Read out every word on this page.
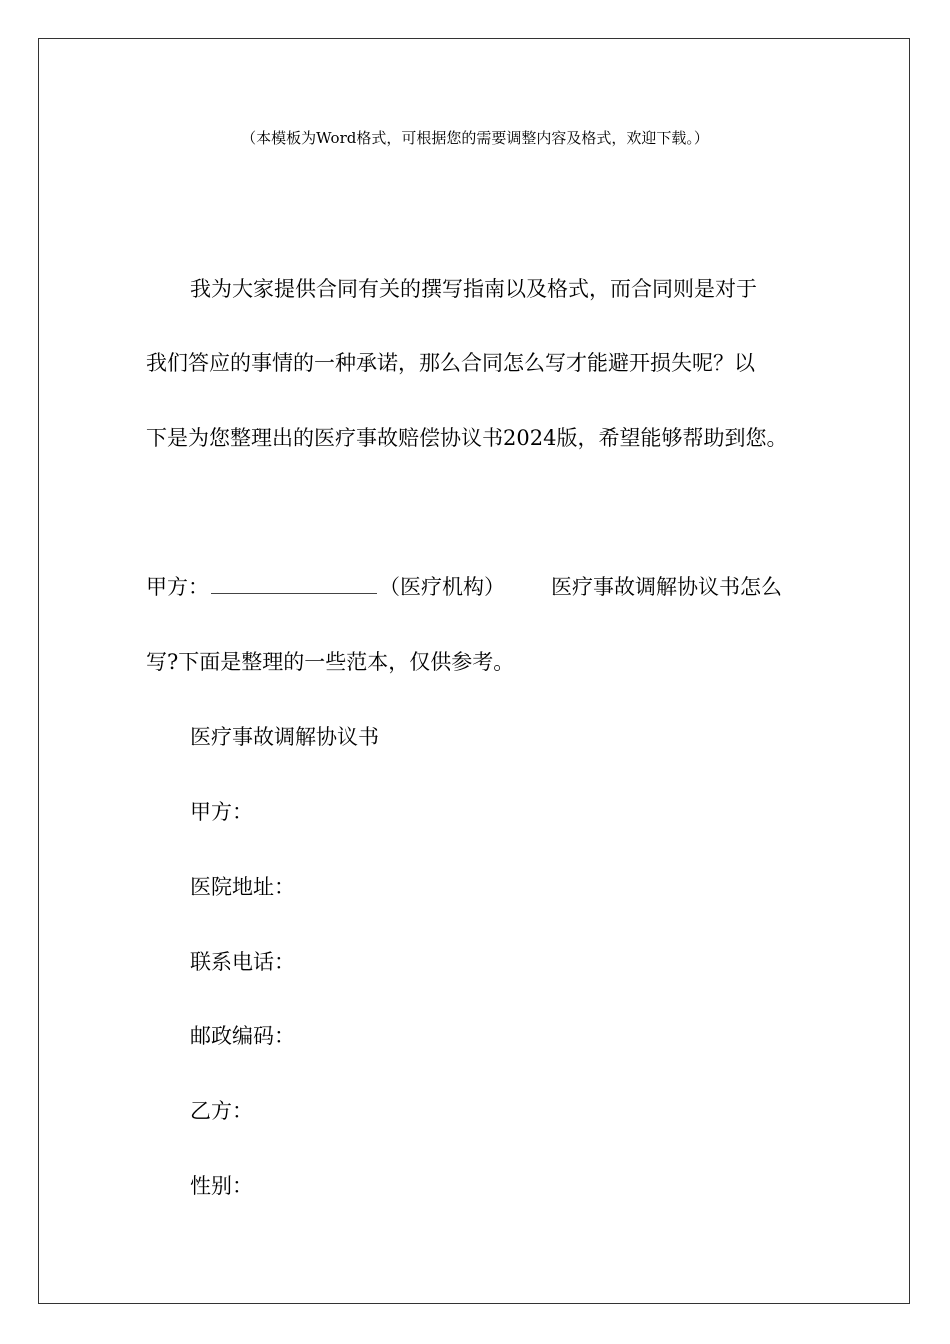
（本模板为Word格式，可根据您的需要调整内容及格式，欢迎下载。）
我为大家提供合同有关的撰写指南以及格式，而合同则是对于
我们答应的事情的一种承诺，那么合同怎么写才能避开损失呢？以
下是为您整理出的医疗事故赔偿协议书2024版，希望能够帮助到您。
甲方：	（医疗机构） 医疗事故调解协议书怎么
写?下面是整理的一些范本，仅供参考。
医疗事故调解协议书
甲方：
医院地址：
联系电话：
邮政编码：
乙方：
性别：
